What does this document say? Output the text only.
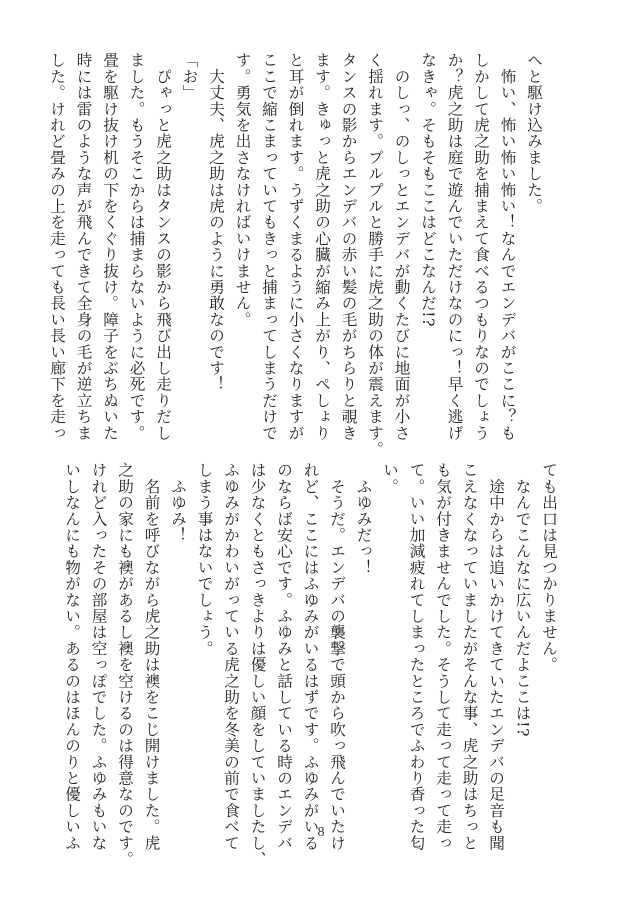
へと駆け込みました。

　怖い、怖い怖い怖い！なんでエンデバがここに？も

しかして虎之助を捕まえて食べるつもりなのでしょう

か？虎之助は庭で遊んでいただけなのにっ！早く逃げ

なきゃ。そもそもここはどこなんだ!?

　のしっ、のしっとエンデバが動くたびに地面が小さ

く揺れます。プルプルと勝手に虎之助の体が震えます。

タンスの影からエンデバの赤い髪の毛がちらりと覗き

ます。きゅっと虎之助の心臓が縮み上がり、ぺしょり

と耳が倒れます。うずくまるように小さくなりますが

ここで縮こまっていてもきっと捕まってしまうだけで

す。勇気を出さなければいけません。

　大丈夫、虎之助は虎のように勇敢なのです！

「お」

　ぴゃっと虎之助はタンスの影から飛び出し走りだし

ました。もうそこからは捕まらないように必死です。

畳を駆け抜け机の下をくぐり抜け。障子をぶちぬいた

時には雷のような声が飛んできて全身の毛が逆立ちま

した。けれど畳みの上を走っても長い長い廊下を走っ

ても出口は見つかりません。

　なんでこんなに広いんだよここは!?

　途中からは追いかけてきていたエンデバの足音も聞

こえなくなっていましたがそんな事、虎之助はちっと

も気が付きませんでした。そうして走って走って走っ

て。いい加減疲れてしまったところでふわり香った匂

い。

　ふゆみだっ！

　そうだ。エンデバの襲撃で頭から吹っ飛んでいたけ

れど、ここにはふゆみがいるはずです。ふゆみがいる

のならば安心です。ふゆみと話している時のエンデバ

は少なくともさっきよりは優しい顔をしていましたし、

ふゆみがかわいがっている虎之助を冬美の前で食べて

しまう事はないでしょう。

　ふゆみ！

　名前を呼びながら虎之助は襖をこじ開けました。虎

之助の家にも襖があるし襖を空けるのは得意なのです。

けれど入ったその部屋は空っぽでした。ふゆみもいな

いしなんにも物がない。あるのはほんのりと優しいふ	8
